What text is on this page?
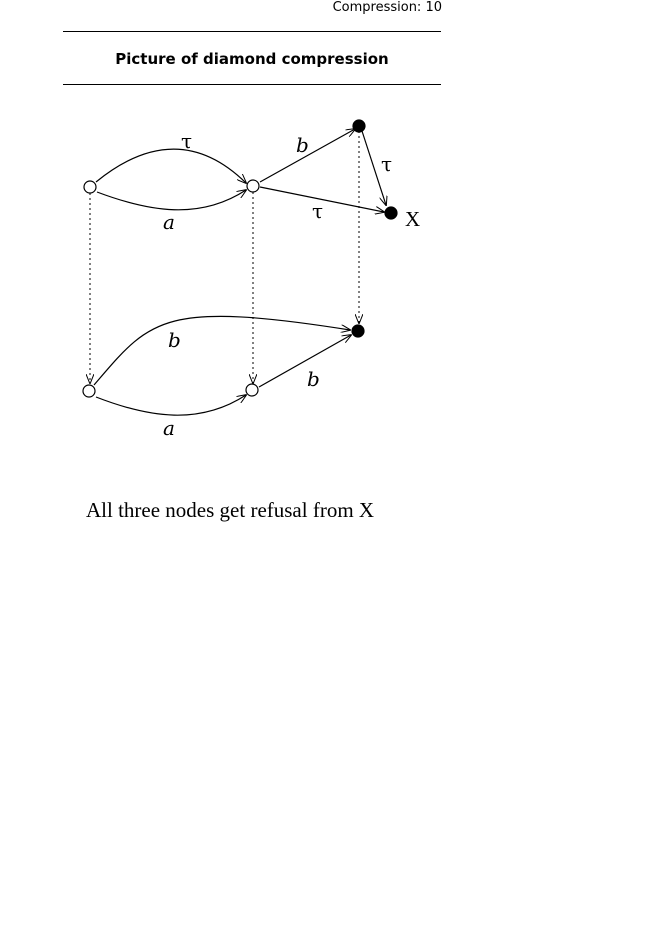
Compression: 10
Picture of diamond compression
τ
a
b
τ
τ	X
b
b
a
All three nodes get refusal from X
